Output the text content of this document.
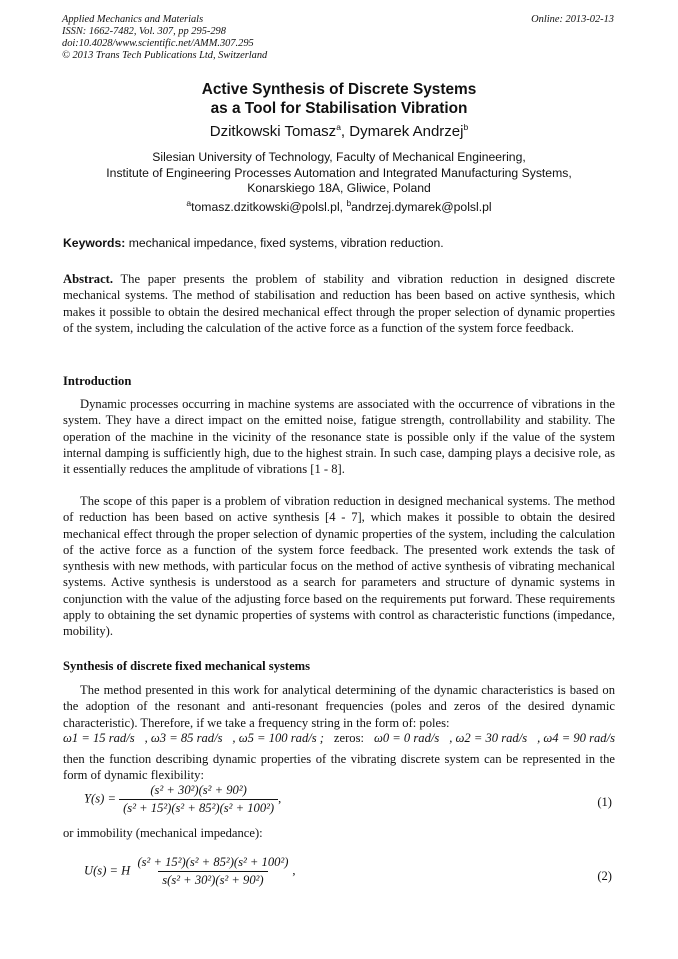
Applied Mechanics and Materials
ISSN: 1662-7482, Vol. 307, pp 295-298
doi:10.4028/www.scientific.net/AMM.307.295
© 2013 Trans Tech Publications Ltd, Switzerland
Online: 2013-02-13
Active Synthesis of Discrete Systems
as a Tool for Stabilisation Vibration
Dzitkowski Tomasz$^a$, Dymarek Andrzej$^b$
Silesian University of Technology, Faculty of Mechanical Engineering,
Institute of Engineering Processes Automation and Integrated Manufacturing Systems,
Konarskiego 18A, Gliwice, Poland
$^a$tomasz.dzitkowski@polsl.pl, $^b$andrzej.dymarek@polsl.pl
Keywords: mechanical impedance, fixed systems, vibration reduction.
Abstract. The paper presents the problem of stability and vibration reduction in designed discrete mechanical systems. The method of stabilisation and reduction has been based on active synthesis, which makes it possible to obtain the desired mechanical effect through the proper selection of dynamic properties of the system, including the calculation of the active force as a function of the system force feedback.
Introduction
Dynamic processes occurring in machine systems are associated with the occurrence of vibrations in the system. They have a direct impact on the emitted noise, fatigue strength, controllability and stability. The operation of the machine in the vicinity of the resonance state is possible only if the value of the system internal damping is sufficiently high, due to the highest strain. In such case, damping plays a decisive role, as it essentially reduces the amplitude of vibrations [1 - 8].
The scope of this paper is a problem of vibration reduction in designed mechanical systems. The method of reduction has been based on active synthesis [4 - 7], which makes it possible to obtain the desired mechanical effect through the proper selection of dynamic properties of the system, including the calculation of the active force as a function of the system force feedback. The presented work extends the task of synthesis with new methods, with particular focus on the method of active synthesis of vibrating mechanical systems. Active synthesis is understood as a search for parameters and structure of dynamic systems in conjunction with the value of the adjusting force based on the requirements put forward. These requirements apply to obtaining the set dynamic properties of systems with control as characteristic functions (impedance, mobility).
Synthesis of discrete fixed mechanical systems
The method presented in this work for analytical determining of the dynamic characteristics is based on the adoption of the resonant and anti-resonant frequencies (poles and zeros of the desired dynamic characteristic). Therefore, if we take a frequency string in the form of: poles:
ω1 = 15 rad/s , ω3 = 85 rad/s , ω5 = 100 rad/s ; zeros: ω0 = 0 rad/s , ω2 = 30 rad/s , ω4 = 90 rad/s
then the function describing dynamic properties of the vibrating discrete system can be represented in the form of dynamic flexibility:
$Y(s) = \frac{\text{(s² + 30²)(s² + 90²)}}{\text{(s² + 15²)(s² + 85²)(s² + 100²)}}$ ,	(1)
or immobility (mechanical impedance):
U(s) = H $\frac{\text{(s² + 15²)(s² + 85²)(s² + 100²)}}{\text{s(s² + 30²)(s² + 90²)}}$ ,	(2)
